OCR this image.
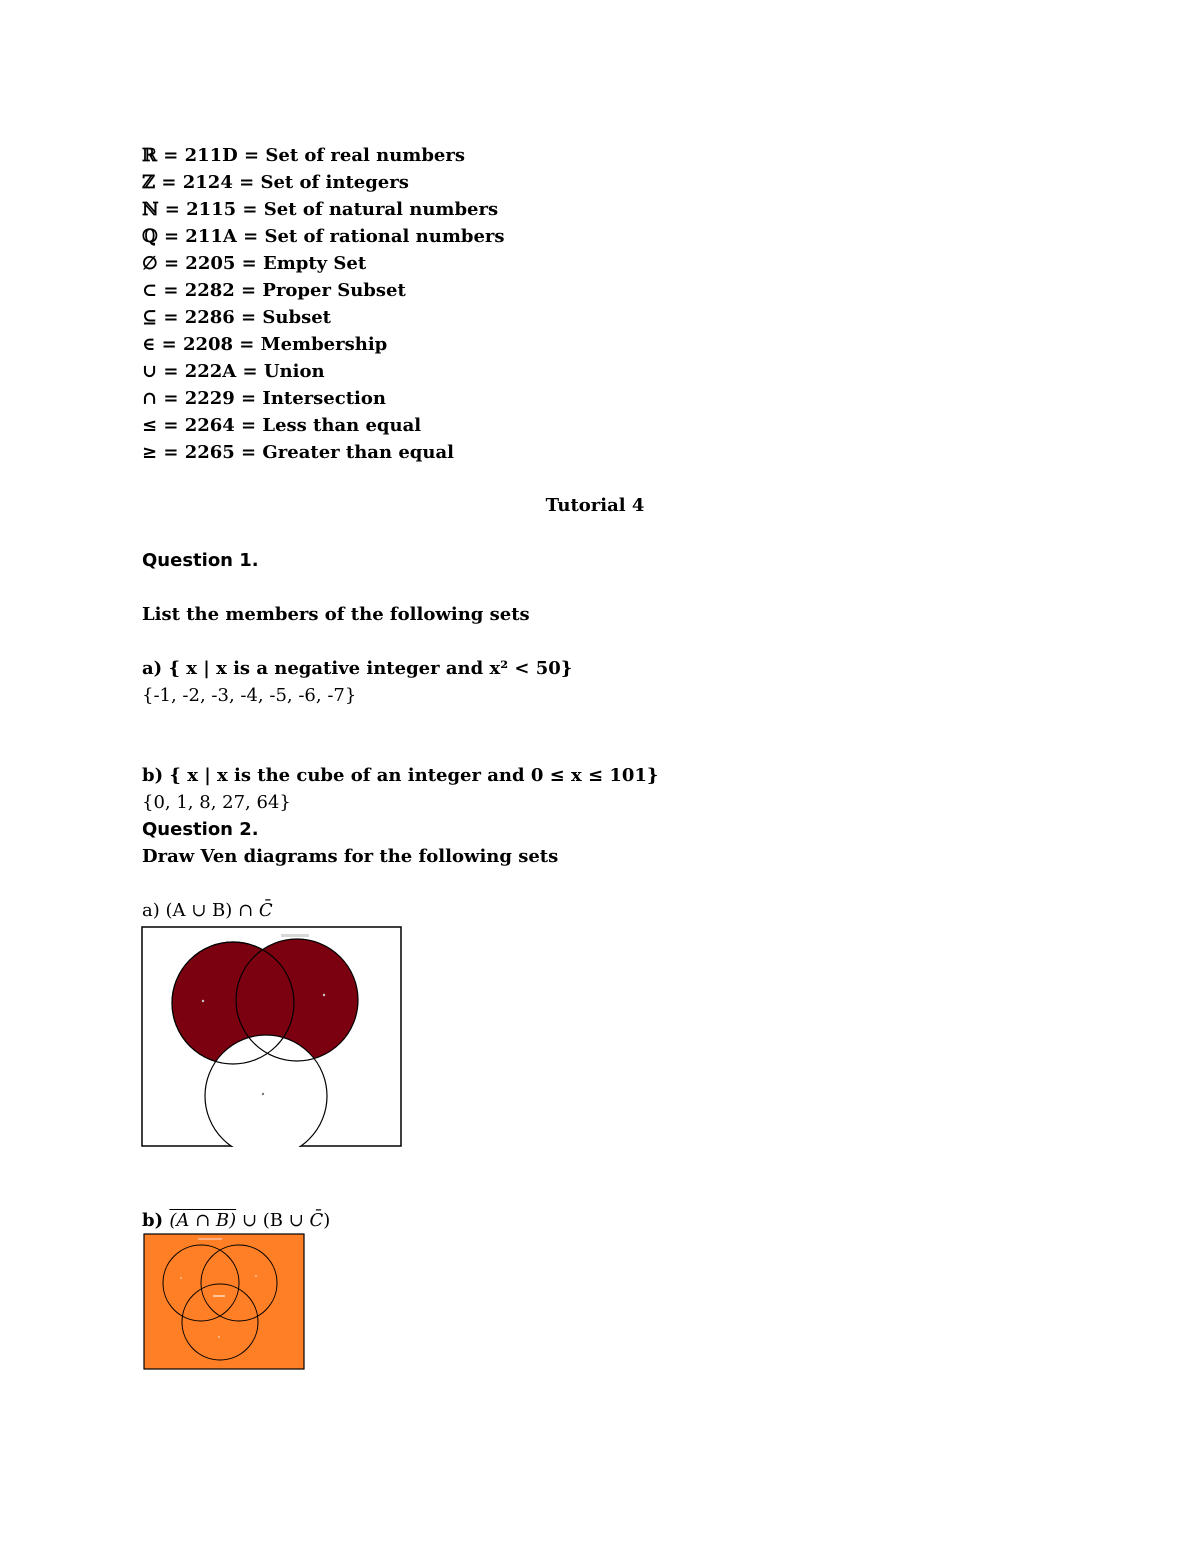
ℝ = 211D = Set of real numbers
ℤ = 2124 = Set of integers
ℕ = 2115 = Set of natural numbers
ℚ = 211A = Set of rational numbers
∅ = 2205 = Empty Set
⊂ = 2282 = Proper Subset
⊆ = 2286 = Subset
∈ = 2208 = Membership
∪ = 222A = Union
∩ = 2229 = Intersection
≤ = 2264 = Less than equal
≥ = 2265 = Greater than equal
Tutorial 4
Question 1.
List the members of the following sets
a) { x | x is a negative integer and x² < 50}
{-1, -2, -3, -4, -5, -6, -7}
b) { x | x is the cube of an integer and 0 ≤ x ≤ 101}
{0, 1, 8, 27, 64}
Question 2.
Draw Ven diagrams for the following sets
a) (A ∪ B) ∩ C̄
b) (A ∩ B) ∪ (B ∪ C̄)
